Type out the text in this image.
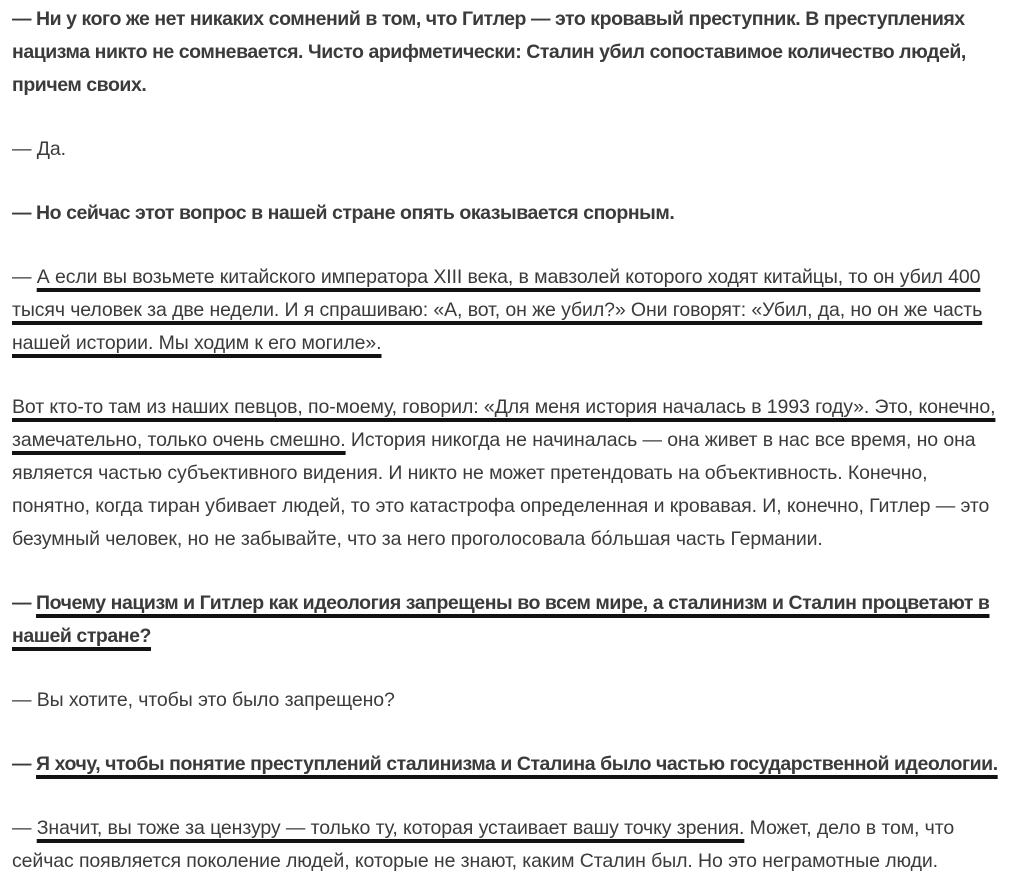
— Ни у кого же нет никаких сомнений в том, что Гитлер — это кровавый преступник. В преступлениях нацизма никто не сомневается. Чисто арифметически: Сталин убил сопоставимое количество людей, причем своих.

— Да.

— Но сейчас этот вопрос в нашей стране опять оказывается спорным.

— А если вы возьмете китайского императора XIII века, в мавзолей которого ходят китайцы, то он убил 400 тысяч человек за две недели. И я спрашиваю: «А, вот, он же убил?» Они говорят: «Убил, да, но он же часть нашей истории. Мы ходим к его могиле».

Вот кто-то там из наших певцов, по-моему, говорил: «Для меня история началась в 1993 году». Это, конечно, замечательно, только очень смешно. История никогда не начиналась — она живет в нас все время, но она является частью субъективного видения. И никто не может претендовать на объективность. Конечно, понятно, когда тиран убивает людей, то это катастрофа определенная и кровавая. И, конечно, Гитлер — это безумный человек, но не забывайте, что за него проголосовала бо́льшая часть Германии.

— Почему нацизм и Гитлер как идеология запрещены во всем мире, а сталинизм и Сталин процветают в нашей стране?

— Вы хотите, чтобы это было запрещено?

— Я хочу, чтобы понятие преступлений сталинизма и Сталина было частью государственной идеологии.

— Значит, вы тоже за цензуру — только ту, которая устаивает вашу точку зрения. Может, дело в том, что сейчас появляется поколение людей, которые не знают, каким Сталин был. Но это неграмотные люди.
